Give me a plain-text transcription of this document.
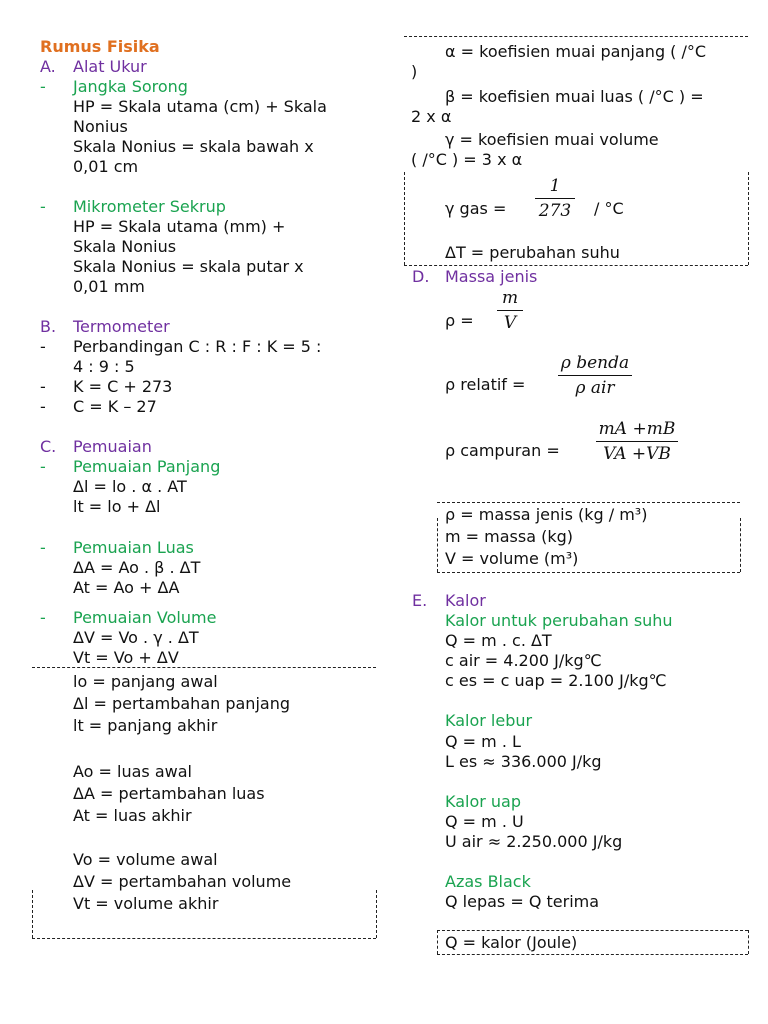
Rumus Fisika
A. Alat Ukur
- Jangka Sorong
HP = Skala utama (cm) + Skala
Nonius
Skala Nonius = skala bawah x
0,01 cm
- Mikrometer Sekrup
HP = Skala utama (mm) +
Skala Nonius
Skala Nonius = skala putar x
0,01 mm
B. Termometer
- Perbandingan C : R : F : K = 5 :
4 : 9 : 5
- K = C + 273
- C = K – 27
C. Pemuaian
- Pemuaian Panjang
Δl = lo . α . AT
lt = lo + Δl
- Pemuaian Luas
ΔA = Ao . β . ΔT
At = Ao + ΔA
- Pemuaian Volume
ΔV = Vo . γ . ΔT
Vt = Vo + ΔV
lo = panjang awal
Δl = pertambahan panjang
lt = panjang akhir
Ao = luas awal
ΔA = pertambahan luas
At = luas akhir
Vo = volume awal
ΔV = pertambahan volume
Vt = volume akhir
α = koefisien muai panjang ( /°C
)
β = koefisien muai luas ( /°C ) =
2 x α
γ = koefisien muai volume
( /°C ) = 3 x α
γ gas =
1
273 / °C
ΔT = perubahan suhu
D. Massa jenis
ρ =
m
V
ρ relatif =
ρ benda
ρ air
ρ campuran =
mA +mB
VA +VB
ρ = massa jenis (kg / m³)
m = massa (kg)
V = volume (m³)
E. Kalor
Kalor untuk perubahan suhu
Q = m . c. ΔT
c air = 4.200 J/kg℃
c es = c uap = 2.100 J/kg℃
Kalor lebur
Q = m . L
L es ≈ 336.000 J/kg
Kalor uap
Q = m . U
U air ≈ 2.250.000 J/kg
Azas Black
Q lepas = Q terima
Q = kalor (Joule)
